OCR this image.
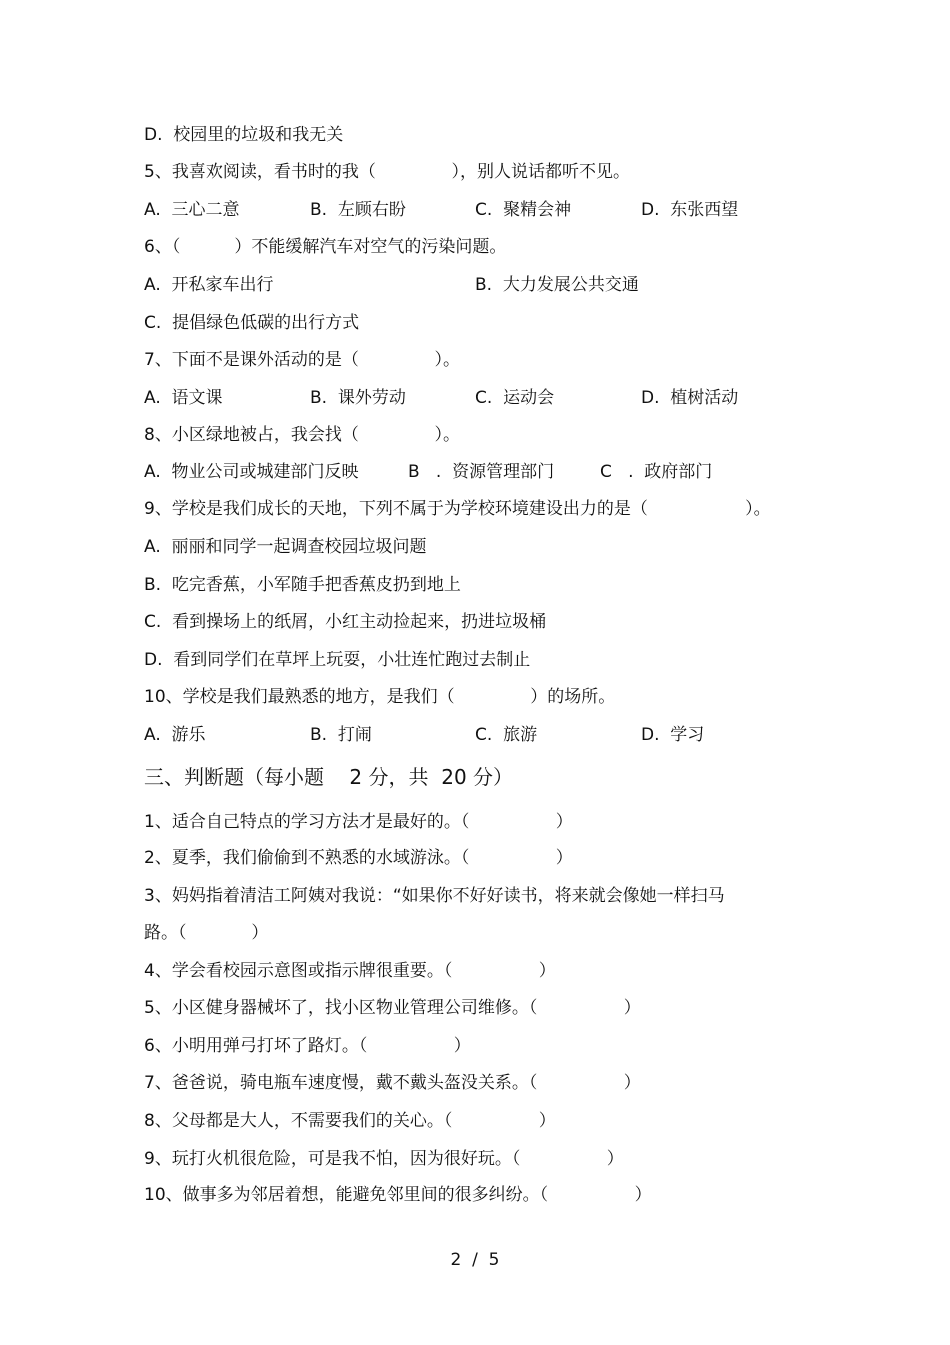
D.  校园里的垃圾和我无关
5、我喜欢阅读，看书时的我（              ），别人说话都听不见。
A.  三心二意	B.  左顾右盼	C.  聚精会神	D.  东张西望
6、（          ）不能缓解汽车对空气的污染问题。
A.  开私家车出行	B.  大力发展公共交通
C.  提倡绿色低碳的出行方式
7、下面不是课外活动的是（              ）。
A.  语文课	B.  课外劳动	C.  运动会	D.  植树活动
8、小区绿地被占，我会找（              ）。
A.  物业公司或城建部门反映	B   .  资源管理部门	C   .  政府部门
9、学校是我们成长的天地，下列不属于为学校环境建设出力的是（                  ）。
A.  丽丽和同学一起调查校园垃圾问题
B.  吃完香蕉，小军随手把香蕉皮扔到地上
C.  看到操场上的纸屑，小红主动捡起来，扔进垃圾桶
D.  看到同学们在草坪上玩耍，小壮连忙跑过去制止
10、学校是我们最熟悉的地方，是我们（              ）的场所。
A.  游乐	B.  打闹	C.  旅游	D.  学习
三、判断题（每小题    2 分，共  20 分）
1、适合自己特点的学习方法才是最好的。（                ）
2、夏季，我们偷偷到不熟悉的水域游泳。（                ）
3、妈妈指着清洁工阿姨对我说：“如果你不好好读书，将来就会像她一样扫马
路。（            ）
4、学会看校园示意图或指示牌很重要。（                ）
5、小区健身器械坏了，找小区物业管理公司维修。（                ）
6、小明用弹弓打坏了路灯。（                ）
7、爸爸说，骑电瓶车速度慢，戴不戴头盔没关系。（                ）
8、父母都是大人，不需要我们的关心。（                ）
9、玩打火机很危险，可是我不怕，因为很好玩。（                ）
10、做事多为邻居着想，能避免邻里间的很多纠纷。（                ）
2  /  5
